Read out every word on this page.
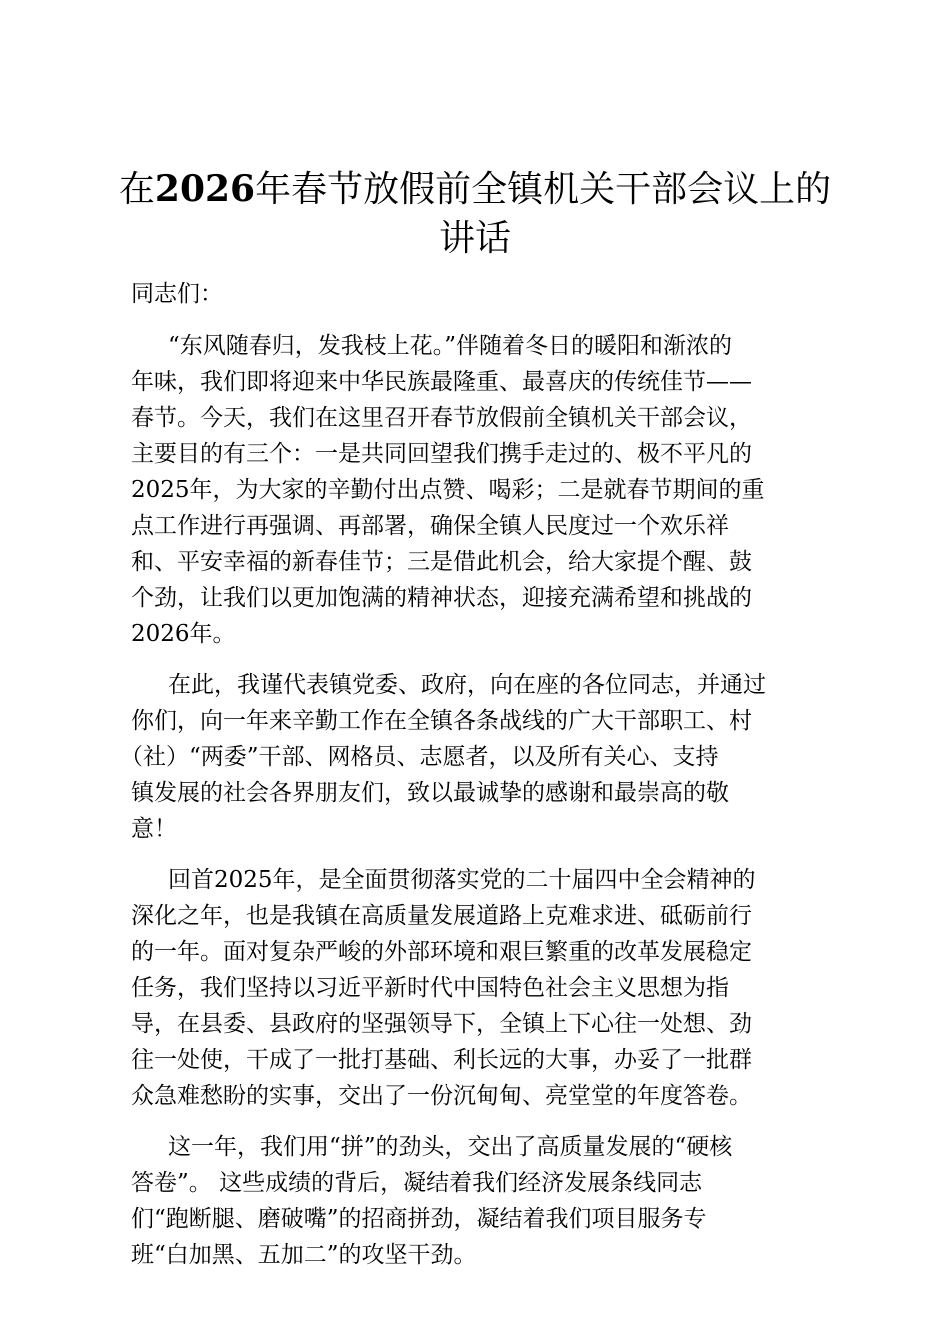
在2026年春节放假前全镇机关干部会议上的
讲话

同志们：

“东风随春归，发我枝上花。”伴随着冬日的暖阳和渐浓的

年味，我们即将迎来中华民族最隆重、最喜庆的传统佳节——

春节。今天，我们在这里召开春节放假前全镇机关干部会议，

主要目的有三个：一是共同回望我们携手走过的、极不平凡的

2025年，为大家的辛勤付出点赞、喝彩；二是就春节期间的重

点工作进行再强调、再部署，确保全镇人民度过一个欢乐祥

和、平安幸福的新春佳节；三是借此机会，给大家提个醒、鼓

个劲，让我们以更加饱满的精神状态，迎接充满希望和挑战的

2026年。

在此，我谨代表镇党委、政府，向在座的各位同志，并通过

你们，向一年来辛勤工作在全镇各条战线的广大干部职工、村

（社）“两委”干部、网格员、志愿者，以及所有关心、支持

镇发展的社会各界朋友们，致以最诚挚的感谢和最崇高的敬

意！

回首2025年，是全面贯彻落实党的二十届四中全会精神的

深化之年，也是我镇在高质量发展道路上克难求进、砥砺前行

的一年。面对复杂严峻的外部环境和艰巨繁重的改革发展稳定

任务，我们坚持以习近平新时代中国特色社会主义思想为指

导，在县委、县政府的坚强领导下，全镇上下心往一处想、劲

往一处使，干成了一批打基础、利长远的大事，办妥了一批群

众急难愁盼的实事，交出了一份沉甸甸、亮堂堂的年度答卷。

这一年，我们用“拼”的劲头，交出了高质量发展的“硬核

答卷”。 这些成绩的背后，凝结着我们经济发展条线同志

们“跑断腿、磨破嘴”的招商拼劲，凝结着我们项目服务专

班“白加黑、五加二”的攻坚干劲。
